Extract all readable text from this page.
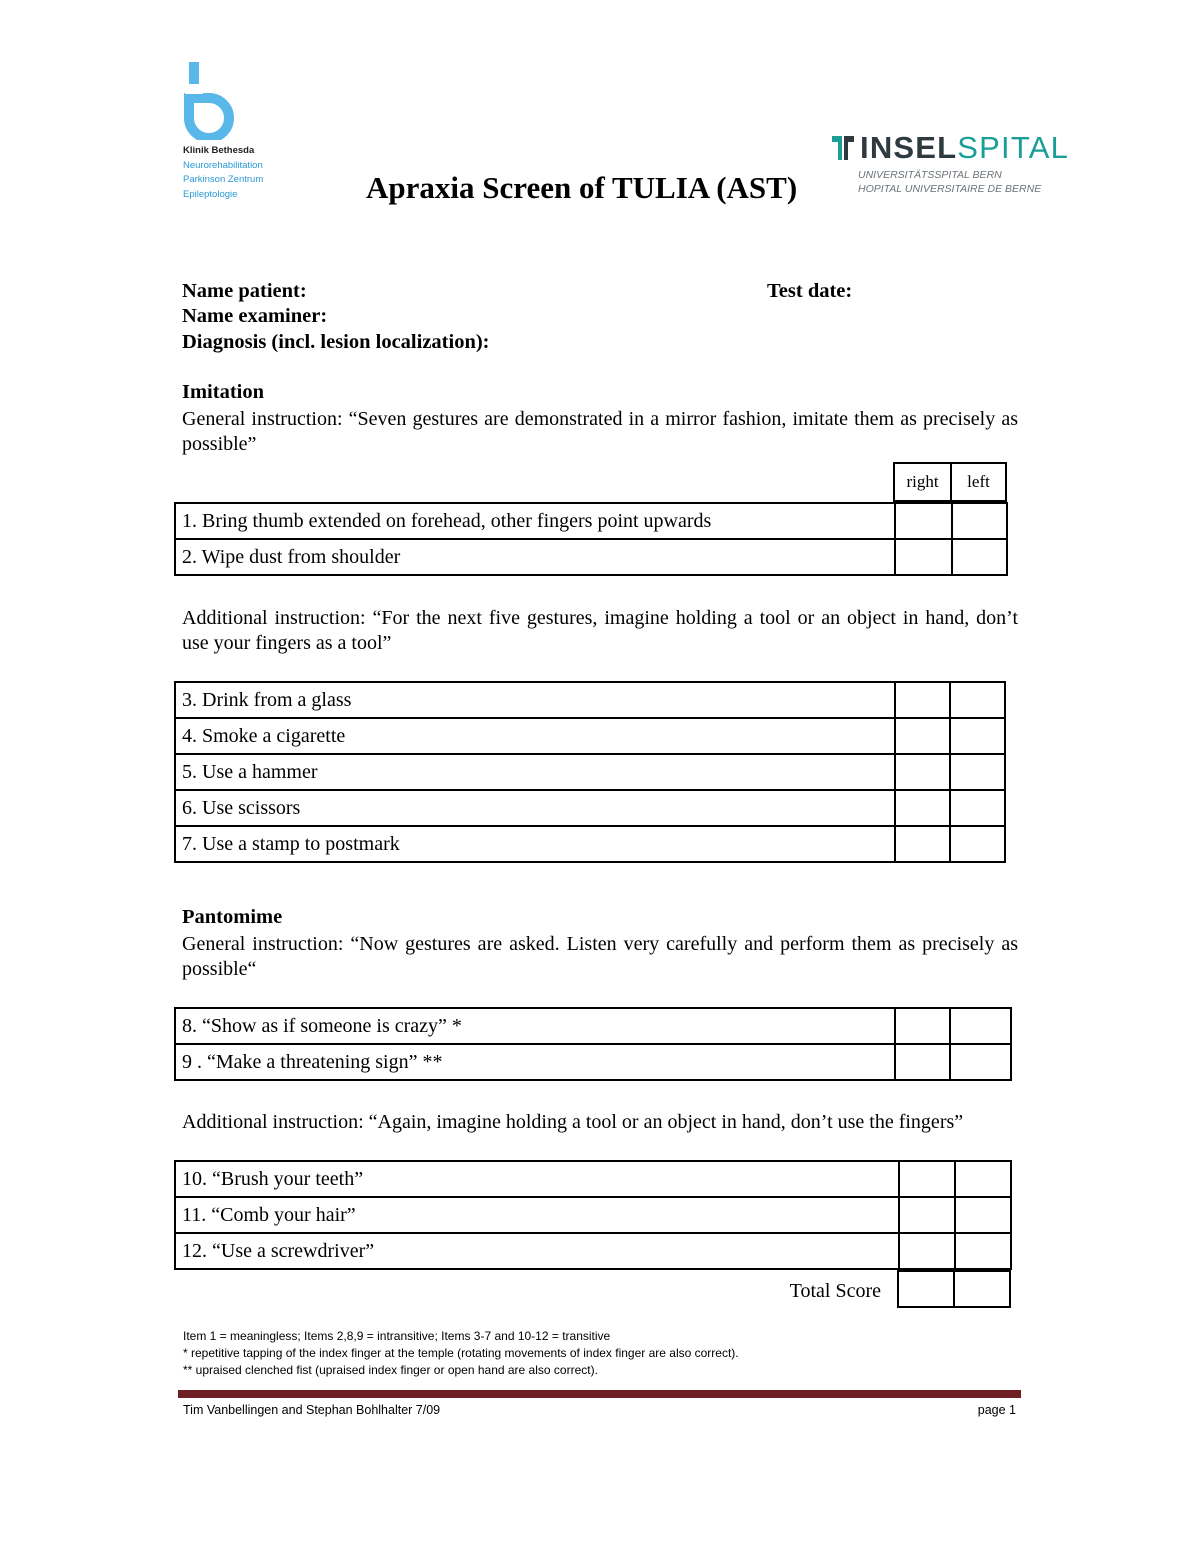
Klinik Bethesda
Neurorehabilitation
Parkinson Zentrum
Epileptologie
INSELSPITAL
UNIVERSITÄTSSPITAL BERN
HOPITAL UNIVERSITAIRE DE BERNE
Apraxia Screen of TULIA (AST)
Name patient:	Test date:
Name examiner:
Diagnosis (incl. lesion localization):
Imitation
General instruction: “Seven gestures are demonstrated in a mirror fashion, imitate them as precisely as possible”
right	left
1. Bring thumb extended on forehead, other fingers point upwards		
2. Wipe dust from shoulder		
Additional instruction: “For the next five gestures, imagine holding a tool or an object in hand, don’t use your fingers as a tool”
3. Drink from a glass		
4. Smoke a cigarette		
5. Use a hammer		
6. Use scissors		
7. Use a stamp to postmark		
Pantomime
General instruction: “Now gestures are asked. Listen very carefully and perform them as precisely as possible“
8. “Show as if someone is crazy” *		
9 . “Make a threatening sign” **		
Additional instruction: “Again, imagine holding a tool or an object in hand, don’t use the fingers”
10. “Brush your teeth”		
11. “Comb your hair”		
12. “Use a screwdriver”		
Total Score

Item 1 = meaningless; Items 2,8,9 = intransitive; Items 3-7 and 10-12 = transitive
* repetitive tapping of the index finger at the temple (rotating movements of index finger are also correct).
** upraised clenched fist (upraised index finger or open hand are also correct).
Tim Vanbellingen and Stephan Bohlhalter 7/09	page 1
